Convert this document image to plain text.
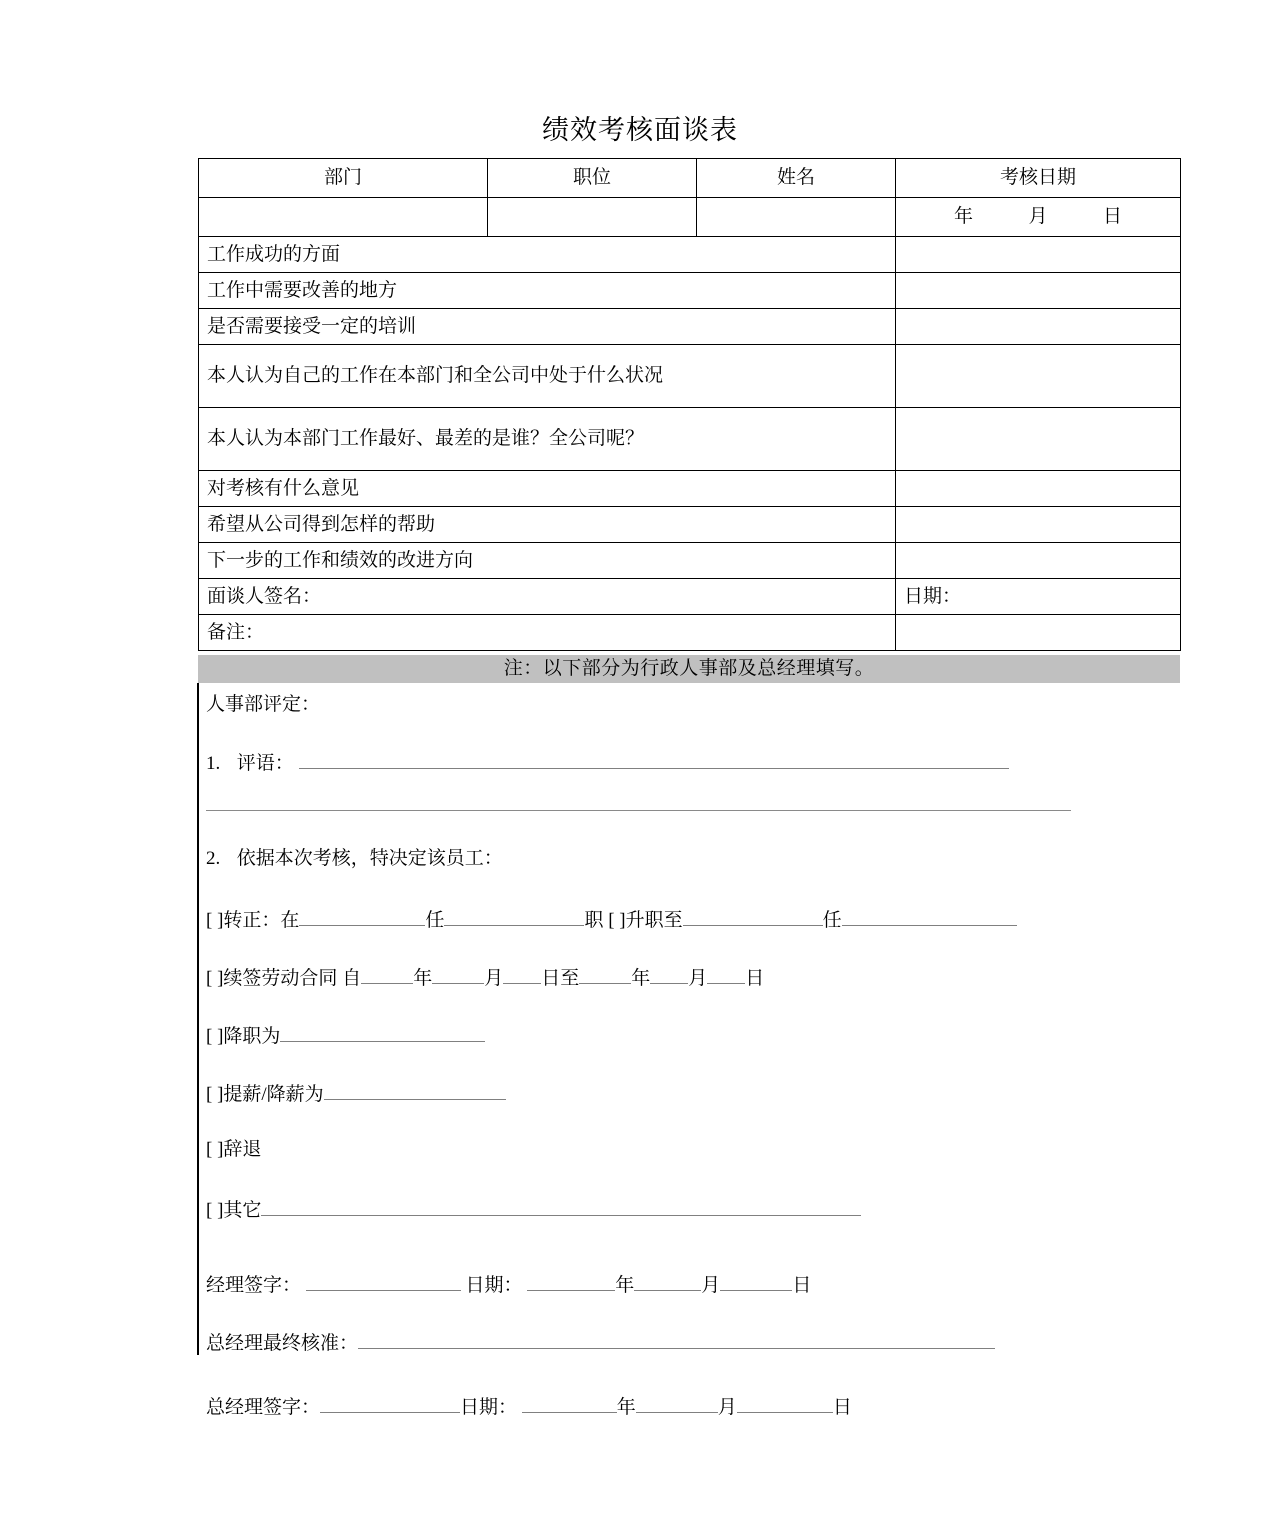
绩效考核面谈表
部门	职位	姓名	考核日期
			年 月 日
工作成功的方面			
工作中需要改善的地方			
是否需要接受一定的培训			
本人认为自己的工作在本部门和全公司中处于什么状况			
本人认为本部门工作最好、最差的是谁？全公司呢？			
对考核有什么意见			
希望从公司得到怎样的帮助			
下一步的工作和绩效的改进方向			
面谈人签名：			日期：
备注：			
注：以下部分为行政人事部及总经理填写。
人事部评定：
1. 评语：
2. 依据本次考核，特决定该员工：
[ ]转正：在	任	职 [ ]升职至	任
[ ]续签劳动合同 自	年	月 日至	年 月 日
[ ]降职为
[ ]提薪/降薪为
[ ]辞退
[ ]其它
经理签字：	日期：	年	月	日
总经理最终核准：
总经理签字：	日期：	年	月	日
